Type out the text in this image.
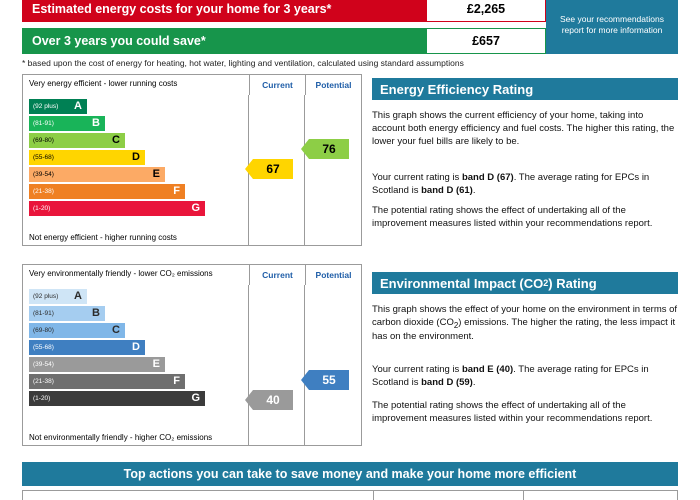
Estimated energy costs for your home for 3 years*	£2,265
Over 3 years you could save*	£657
See your recommendations report for more information
* based upon the cost of energy for heating, hot water, lighting and ventilation, calculated using standard assumptions
Very energy efficient - lower running costs	Current	Potential
(92 plus) A
(81-91)	B
(69-80)	C
(55-68)	D
(39-54)	E
(21-38)	F
(1-20)	G
67
76
Not energy efficient - higher running costs
Very environmentally friendly - lower CO₂ emissions	Current	Potential
(92 plus) A
(81-91)	B
(69-80)	C
(55-68)	D
(39-54)	E
(21-38)	F
(1-20)	G	40
55
Not environmentally friendly - higher CO₂ emissions
Energy Efficiency Rating
This graph shows the current efficiency of your home, taking into account both energy efficiency and fuel costs. The higher this rating, the lower your fuel bills are likely to be.
Your current rating is band D (67). The average rating for EPCs in Scotland is band D (61).
The potential rating shows the effect of undertaking all of the improvement measures listed within your recommendations report.
Environmental Impact (CO 2 ) Rating
This graph shows the effect of your home on the environment in terms of carbon dioxide $(CO_2)$ emissions. The higher the rating, the less impact it has on the environment.
Your current rating is band E (40). The average rating for EPCs in Scotland is band D (59).
The potential rating shows the effect of undertaking all of the improvement measures listed within your recommendations report.
Top actions you can take to save money and make your home more efficient
